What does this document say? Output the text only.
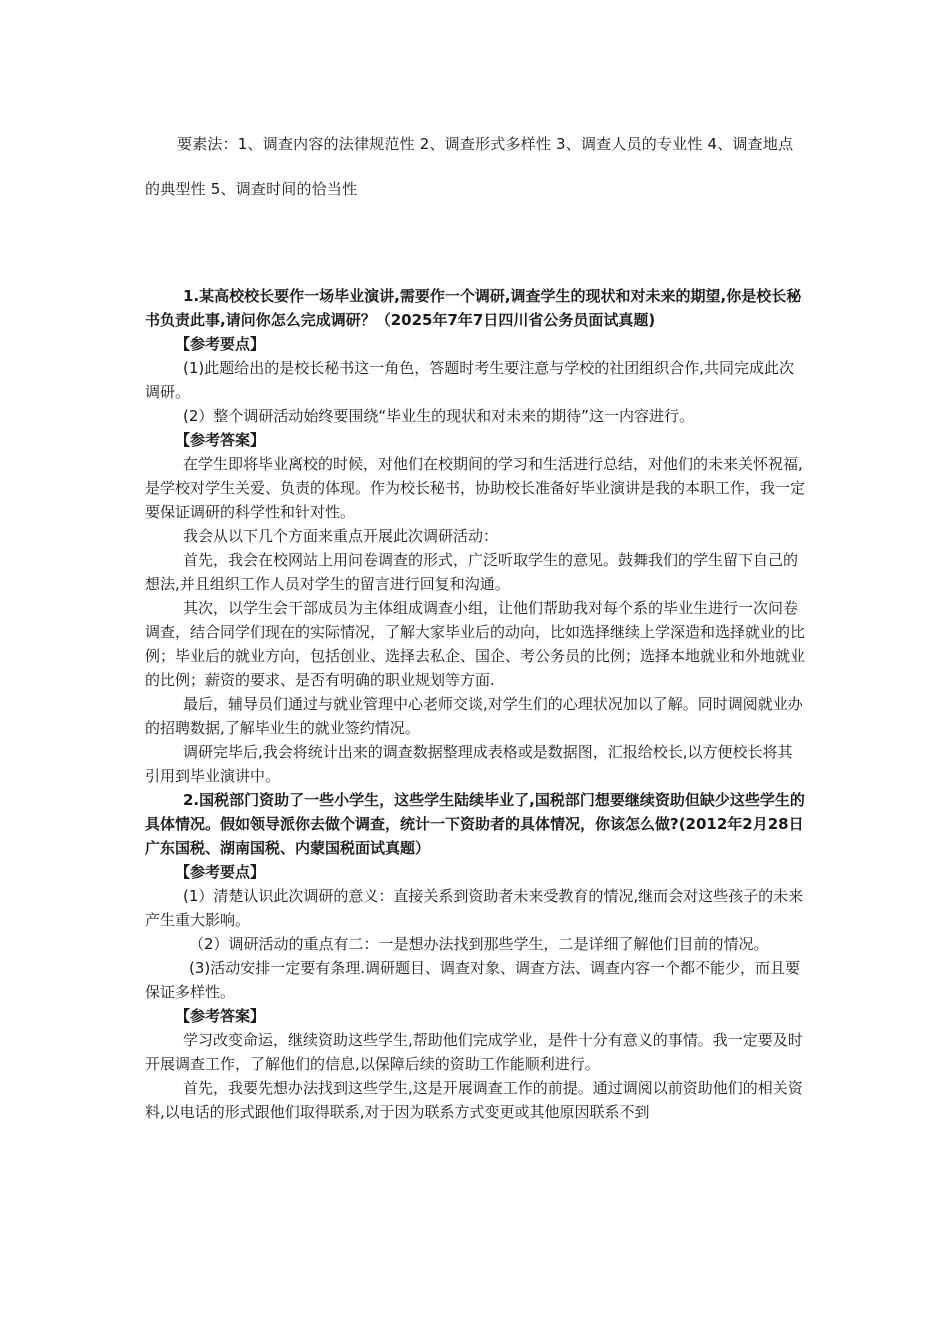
要素法：1、调查内容的法律规范性 2、调查形式多样性 3、调查人员的专业性 4、调查地点的典型性 5、调查时间的恰当性

1.某高校校长要作一场毕业演讲,需要作一个调研,调查学生的现状和对未来的期望,你是校长秘书负责此事,请问你怎么完成调研？（2025年7年7日四川省公务员面试真题)

【参考要点】

(1)此题给出的是校长秘书这一角色，答题时考生要注意与学校的社团组织合作,共同完成此次调研。

(2）整个调研活动始终要围绕“毕业生的现状和对未来的期待”这一内容进行。

【参考答案】

在学生即将毕业离校的时候，对他们在校期间的学习和生活进行总结，对他们的未来关怀祝福,是学校对学生关爱、负责的体现。作为校长秘书，协助校长准备好毕业演讲是我的本职工作，我一定要保证调研的科学性和针对性。

我会从以下几个方面来重点开展此次调研活动：

首先，我会在校网站上用问卷调查的形式，广泛听取学生的意见。鼓舞我们的学生留下自己的想法,并且组织工作人员对学生的留言进行回复和沟通。

其次，以学生会干部成员为主体组成调查小组，让他们帮助我对每个系的毕业生进行一次问卷调查，结合同学们现在的实际情况，了解大家毕业后的动向，比如选择继续上学深造和选择就业的比例；毕业后的就业方向，包括创业、选择去私企、国企、考公务员的比例；选择本地就业和外地就业的比例；薪资的要求、是否有明确的职业规划等方面.

最后，辅导员们通过与就业管理中心老师交谈,对学生们的心理状况加以了解。同时调阅就业办的招聘数据,了解毕业生的就业签约情况。

调研完毕后,我会将统计出来的调查数据整理成表格或是数据图，汇报给校长,以方便校长将其引用到毕业演讲中。

2.国税部门资助了一些小学生，这些学生陆续毕业了,国税部门想要继续资助但缺少这些学生的具体情况。假如领导派你去做个调查，统计一下资助者的具体情况，你该怎么做?(2012年2月28日广东国税、湖南国税、内蒙国税面试真题）

【参考要点】

(1）清楚认识此次调研的意义：直接关系到资助者未来受教育的情况,继而会对这些孩子的未来产生重大影响。

（2）调研活动的重点有二：一是想办法找到那些学生，二是详细了解他们目前的情况。

(3)活动安排一定要有条理.调研题目、调查对象、调查方法、调查内容一个都不能少，而且要保证多样性。

【参考答案】

学习改变命运，继续资助这些学生,帮助他们完成学业，是件十分有意义的事情。我一定要及时开展调查工作，了解他们的信息,以保障后续的资助工作能顺利进行。

首先，我要先想办法找到这些学生,这是开展调查工作的前提。通过调阅以前资助他们的相关资料,以电话的形式跟他们取得联系,对于因为联系方式变更或其他原因联系不到
